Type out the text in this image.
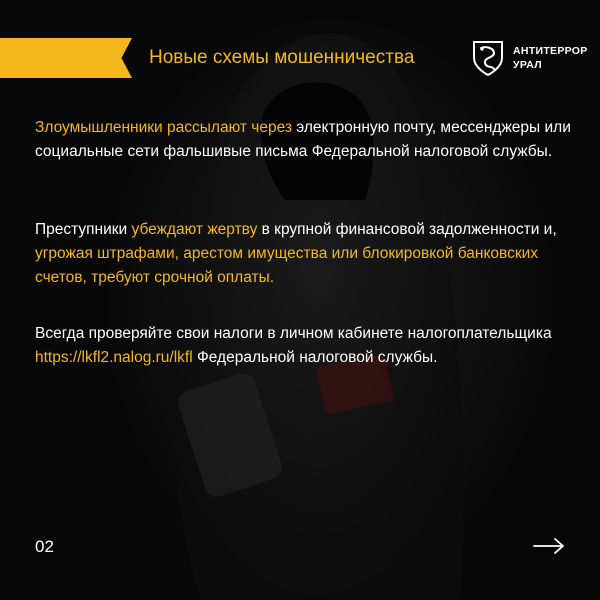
Новые схемы мошенничества	АНТИТЕРРОР
УРАЛ

Злоумышленники рассылают через электронную почту, мессенджеры или социальные сети фальшивые письма Федеральной налоговой службы.

Преступники убеждают жертву в крупной финансовой задолженности и, угрожая штрафами, арестом имущества или блокировкой банковских счетов, требуют срочной оплаты.

Всегда проверяйте свои налоги в личном кабинете налогоплательщика https://lkfl2.nalog.ru/lkfl Федеральной налоговой службы.

02
